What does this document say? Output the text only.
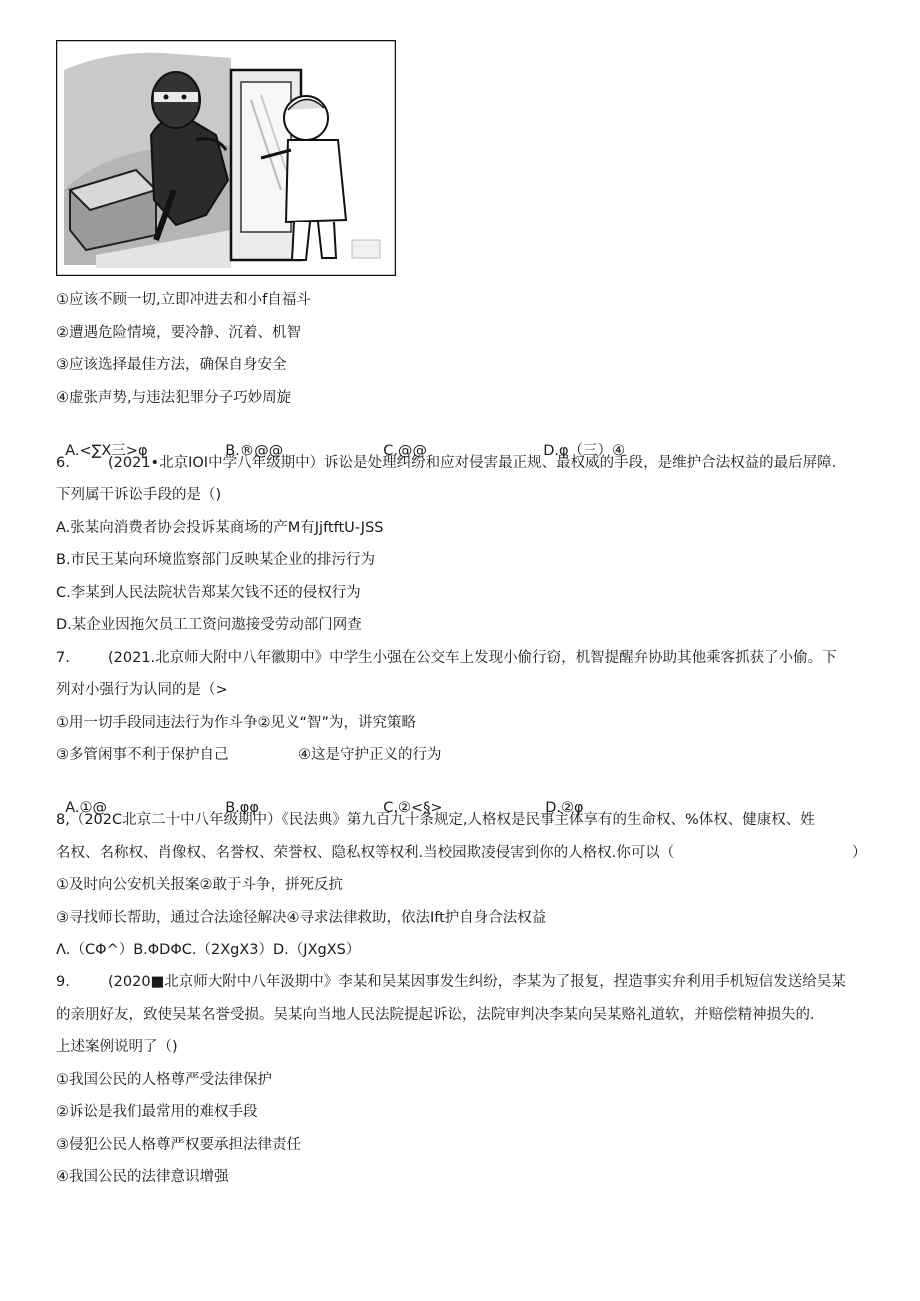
①应该不顾一切,立即冲进去和小f自福斗
②遭遇危险情境，要冷静、沉着、机智
③应该选择最佳方法，确保自身安全
④虚张声势,与违法犯罪分子巧妙周旋

A.<∑X三>φ	B.®@@	C.@@	D.φ（三）④

6.	(2021•北京IOI中学八年级期中）诉讼是处理纠纷和应对侵害最正规、最权威的手段，是维护合法权益的最后屏障.
下列属干诉讼手段的是（)
A.张某向消费者协会投诉某商场的产M有JjftftU-JSS
B.市民王某向环境监察部门反映某企业的排污行为
C.李某到人民法院状告郑某欠钱不还的侵权行为
D.某企业因拖欠员工工资问遨接受劳动部门网查
7.	(2021.北京师大附中八年徽期中》中学生小强在公交车上发现小偷行窃，机智提醒弁协助其他乘客抓获了小偷。下
列对小强行为认同的是（>
①用一切手段同违法行为作斗争②见义“智”为，讲究策略
③多管闲事不利于保护自己	④这是守护正义的行为

A.①@	B.φφ	C.②<§>	D.②φ

8,（202C北京二十中八年级期中）《民法典》第九百九十条规定,人格权是民事主体享有的生命权、%体权、健康权、姓
名权、名称权、肖像权、名誉权、荣誉权、隐私权等权利.当校园欺凌侵害到你的人格权.你可以（	）
①及时向公安机关报案②敢于斗争，拼死反抗
③寻找师长帮助，通过合法途径解决④寻求法律救助，依法Ift护自身合法权益
Λ.（CΦ^）B.ΦDΦC.（2XgX3）D.（JXgXS）
9.	(2020■北京师大附中八年汲期中》李某和吴某因事发生纠纷，李某为了报复，捏造事实弁利用手机短信发送给吴某
的亲朋好友，致使吴某名誉受损。吴某向当地人民法院提起诉讼，法院审判决李某向吴某赂礼道软，并赔偿精神损失的.
上述案例说明了（)
①我国公民的人格尊严受法律保护
②诉讼是我们最常用的难权手段
③侵犯公民人格尊严权要承担法律责任
④我国公民的法律意识增强
